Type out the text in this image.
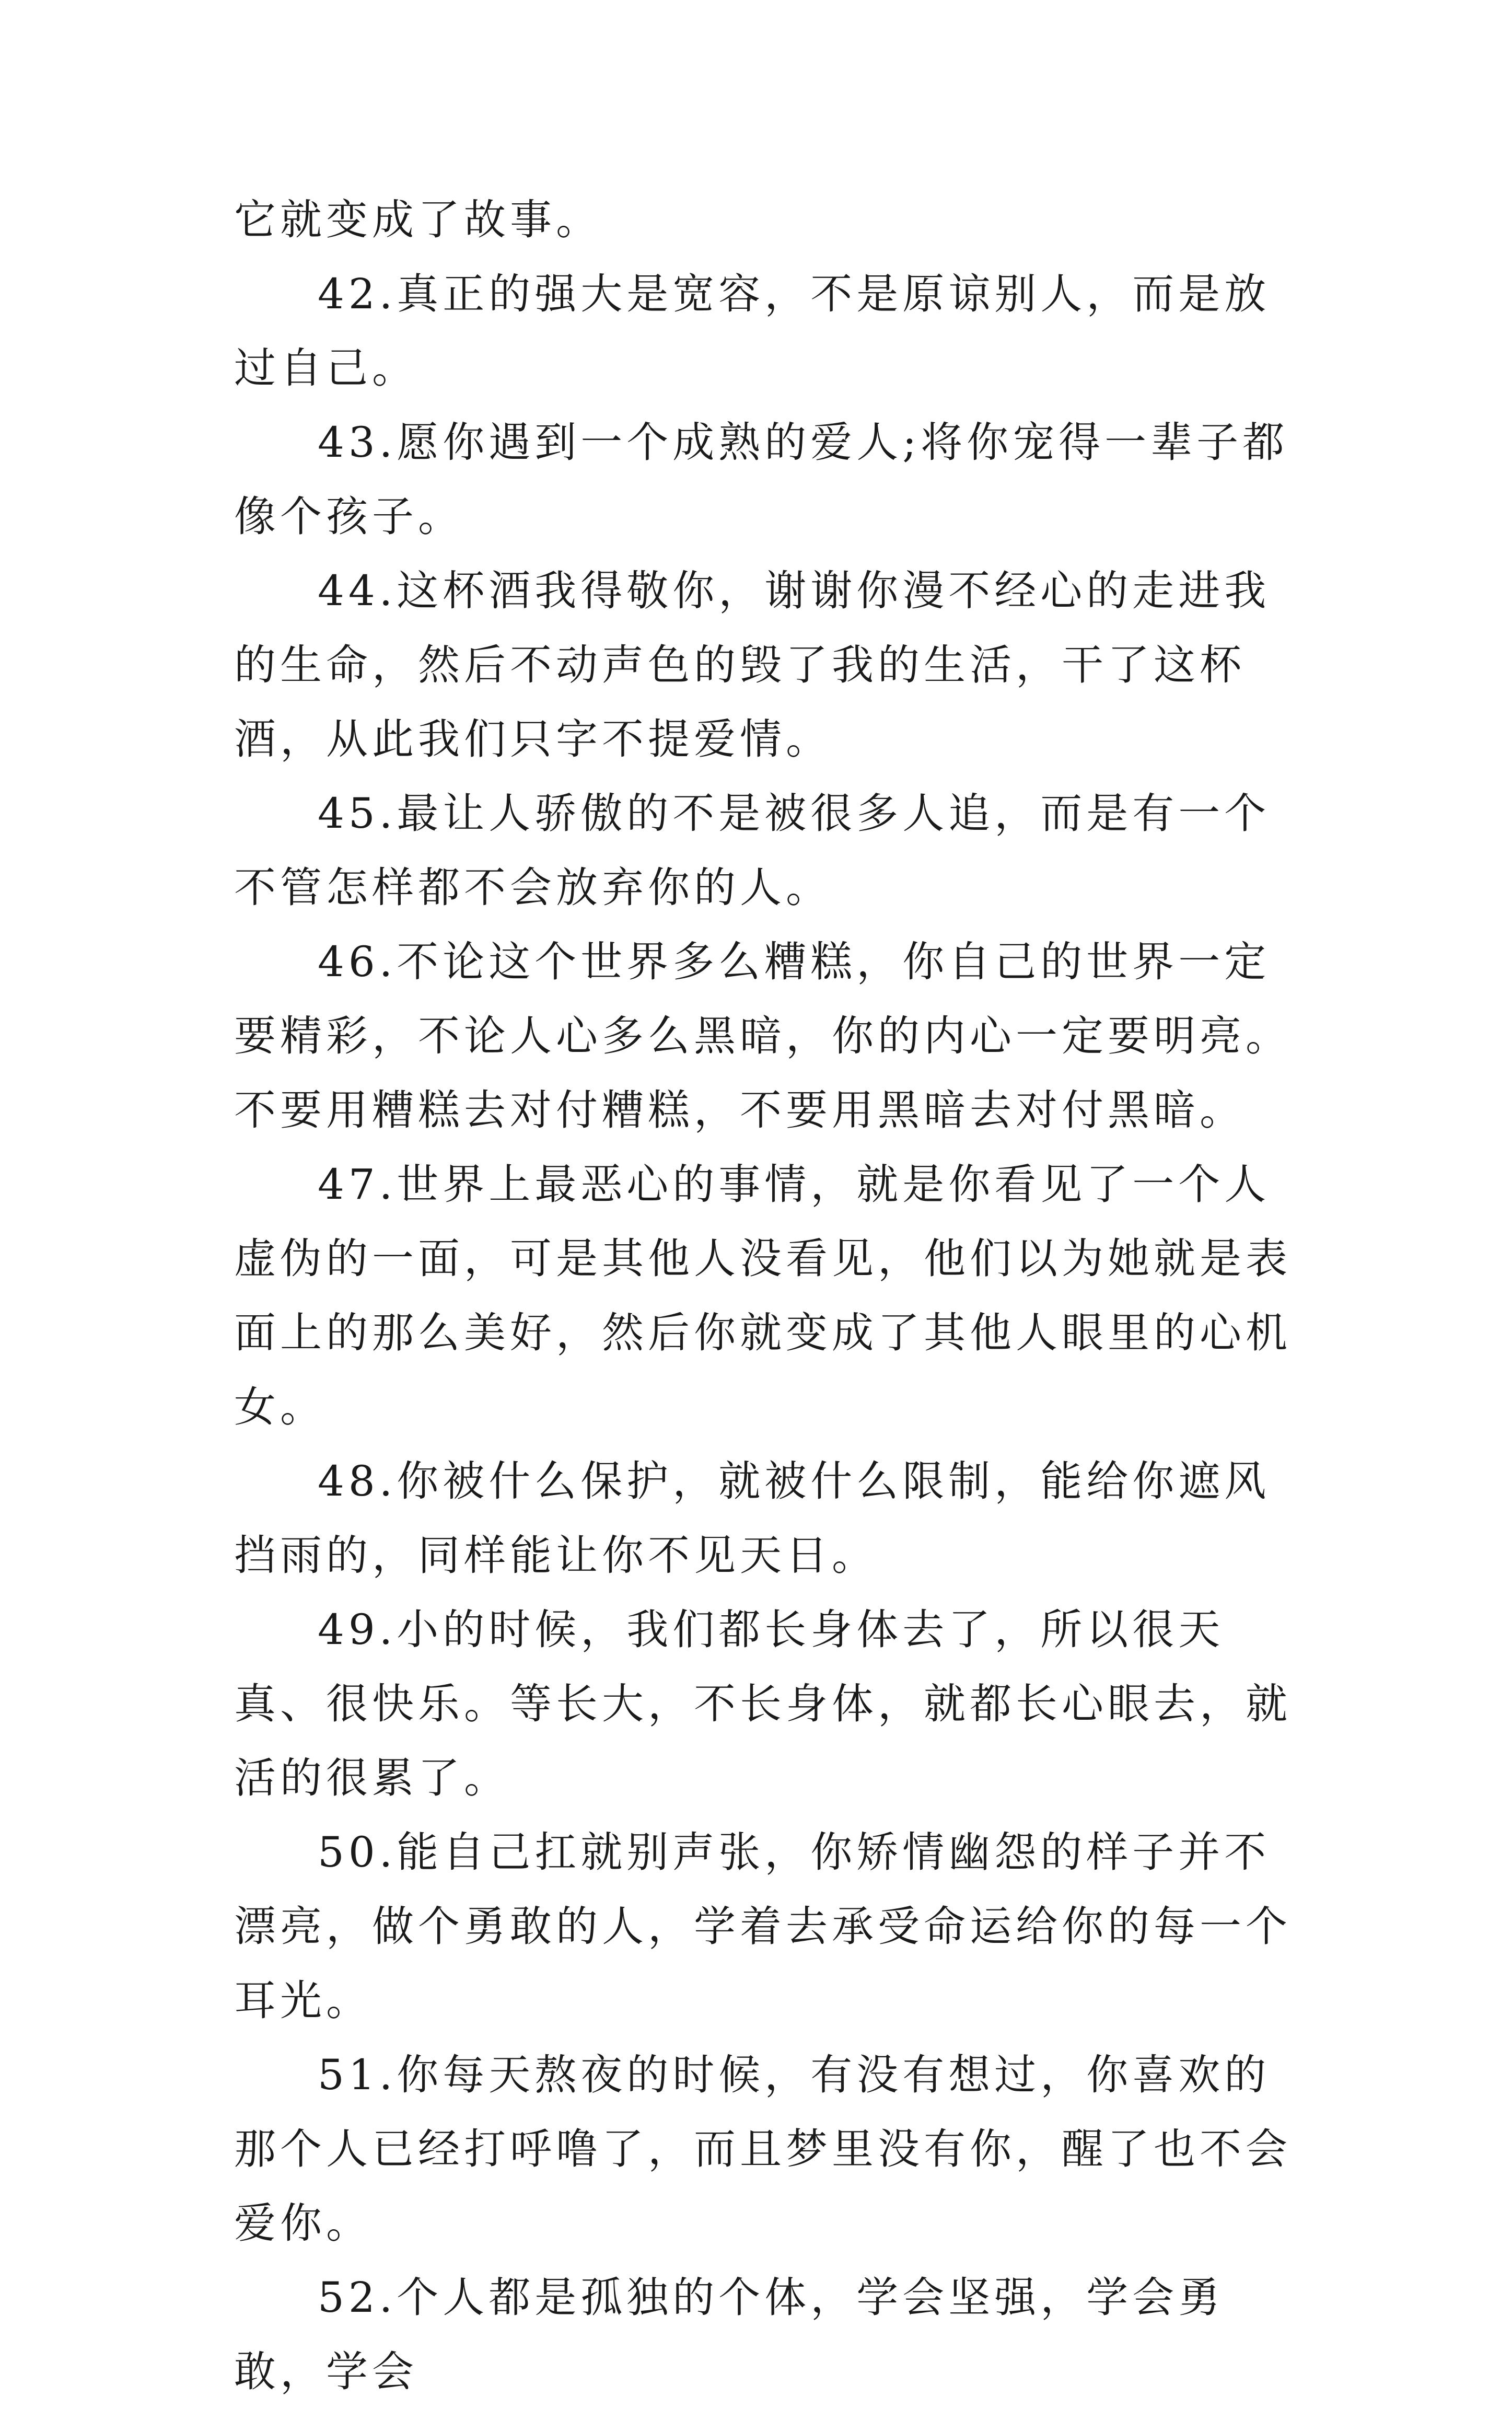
它就变成了故事。

42.真正的强大是宽容，不是原谅别人，而是放过自己。

43.愿你遇到一个成熟的爱人;将你宠得一辈子都像个孩子。

44.这杯酒我得敬你，谢谢你漫不经心的走进我的生命，然后不动声色的毁了我的生活，干了这杯酒，从此我们只字不提爱情。

45.最让人骄傲的不是被很多人追，而是有一个不管怎样都不会放弃你的人。

46.不论这个世界多么糟糕，你自己的世界一定要精彩，不论人心多么黑暗，你的内心一定要明亮。不要用糟糕去对付糟糕，不要用黑暗去对付黑暗。

47.世界上最恶心的事情，就是你看见了一个人虚伪的一面，可是其他人没看见，他们以为她就是表面上的那么美好，然后你就变成了其他人眼里的心机女。

48.你被什么保护，就被什么限制，能给你遮风挡雨的，同样能让你不见天日。

49.小的时候，我们都长身体去了，所以很天真、很快乐。等长大，不长身体，就都长心眼去，就活的很累了。

50.能自己扛就别声张，你矫情幽怨的样子并不漂亮，做个勇敢的人，学着去承受命运给你的每一个耳光。

51.你每天熬夜的时候，有没有想过，你喜欢的那个人已经打呼噜了，而且梦里没有你，醒了也不会爱你。

52.个人都是孤独的个体，学会坚强，学会勇敢，学会
